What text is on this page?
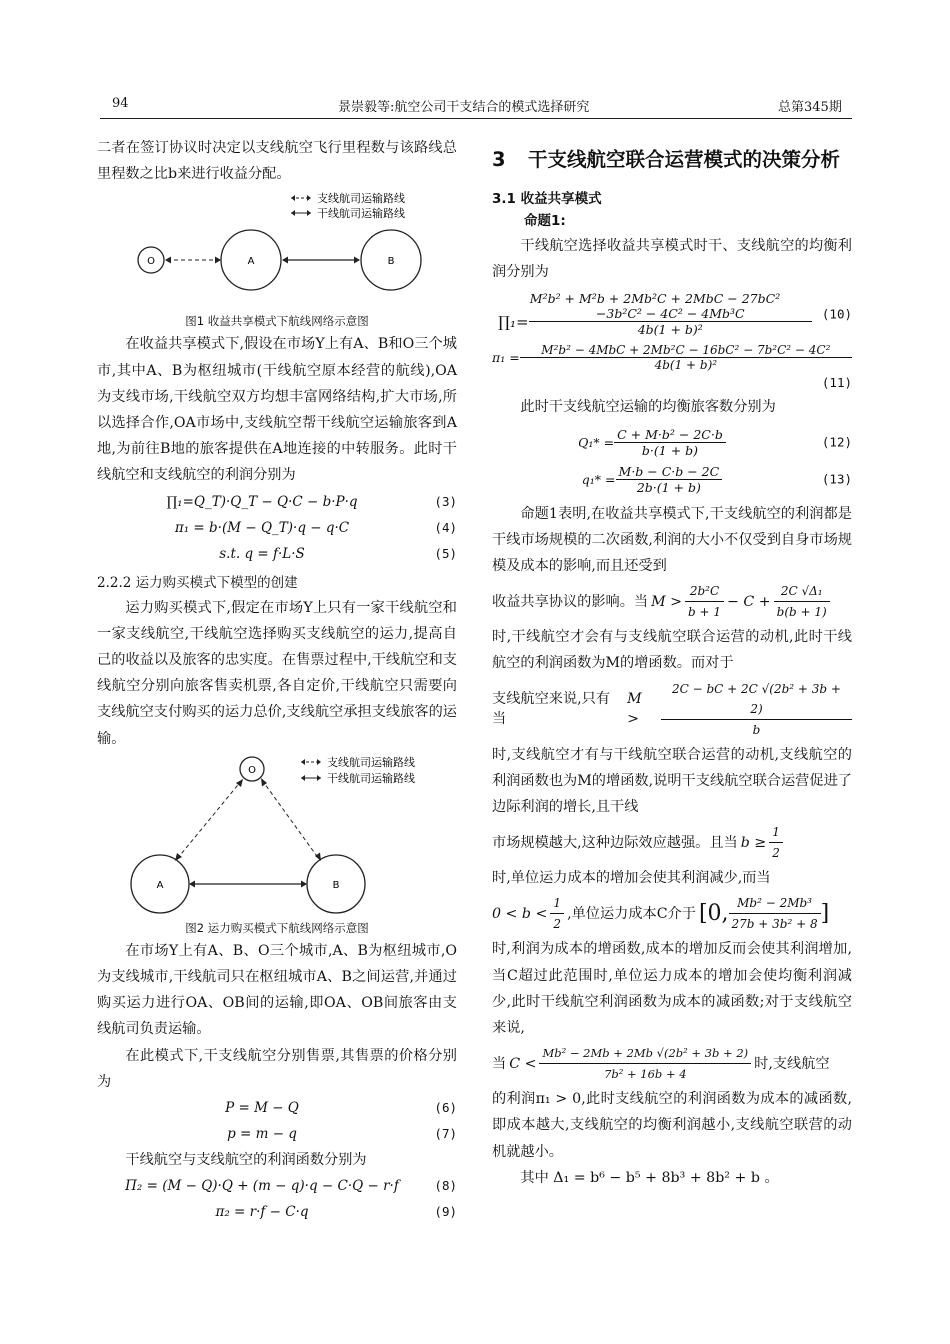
94	景崇毅等:航空公司干支结合的模式选择研究	总第345期

二者在签订协议时决定以支线航空飞行里程数与该路线总里程数之比b来进行收益分配。

支线航司运输路线
干线航司运输路线
O	A	B
图1 收益共享模式下航线网络示意图

在收益共享模式下,假设在市场Y上有A、B和O三个城市,其中A、B为枢纽城市(干线航空原本经营的航线),OA为支线市场,干线航空双方均想丰富网络结构,扩大市场,所以选择合作,OA市场中,支线航空帮干线航空运输旅客到A地,为前往B地的旅客提供在A地连接的中转服务。此时干线航空和支线航空的利润分别为

∏₁=Q_T)·Q_T − Q·C − b·P·q	(3)
π₁ = b·(M − Q_T)·q − q·C	(4)
s.t. q = f·L·S	(5)
2.2.2 运力购买模式下模型的创建

运力购买模式下,假定在市场Y上只有一家干线航空和一家支线航空,干线航空选择购买支线航空的运力,提高自己的收益以及旅客的忠实度。在售票过程中,干线航空和支线航空分别向旅客售卖机票,各自定价,干线航空只需要向支线航空支付购买的运力总价,支线航空承担支线旅客的运输。

支线航司运输路线
干线航司运输路线
O
A	B
图2 运力购买模式下航线网络示意图

在市场Y上有A、B、O三个城市,A、B为枢纽城市,O为支线城市,干线航司只在枢纽城市A、B之间运营,并通过购买运力进行OA、OB间的运输,即OA、OB间旅客由支线航司负责运输。

在此模式下,干支线航空分别售票,其售票的价格分别为

P = M − Q	(6)
p = m − q	(7)

干线航空与支线航空的利润函数分别为

Π₂ = (M − Q)·Q + (m − q)·q − C·Q − r·f	(8)
π₂ = r·f − C·q	(9)
3 干支线航空联合运营模式的决策分析
3.1 收益共享模式
命题1:

干线航空选择收益共享模式时干、支线航空的均衡利润分别为

M²b² + M²b + 2Mb²C + 2MbC − 27bC²
∏₁= $\frac{\text{−3b²C² − 4C² − 4Mb³C}}{\text{4b(1 + b)²}} (10)$
$\pi_1 = \frac{\text{M²b² − 4MbC + 2Mb²C − 16bC² − 7b²C² − 4C²}}{\text{4b(1 + b)²}}$
(11)

此时干支线航空运输的均衡旅客数分别为

$Q_1* = \frac{\text{C + M·b² − 2C·b}}{b\cdot(1 + b)}$	(12)
$q_1* = \frac{M\cdot b - C\cdot b - 2C}{2b\cdot(1 + b)}$	(13)

命题1表明,在收益共享模式下,干支线航空的利润都是干线市场规模的二次函数,利润的大小不仅受到自身市场规模及成本的影响,而且还受到

收益共享协议的影响。当 $M > \frac{\text{2b²C}}{b + 1} - C + \frac{\text{2C √Δ₁}}{b(b + 1)}$

时,干线航空才会有与支线航空联合运营的动机,此时干线航空的利润函数为M的增函数。而对于

支线航空来说,只有当
M >	$\frac{\text{2C − bC + 2C √(2b² + 3b + 2)}}{b}$

时,支线航空才有与干线航空联合运营的动机,支线航空的利润函数也为M的增函数,说明干支线航空联合运营促进了边际利润的增长,且干线

市场规模越大,这种边际效应越强。且当 $b \ge \frac{1}{2}$

时,单位运力成本的增加会使其利润减少,而当

$0 < b < \frac{1}{2}$ ,单位运力成本C介于 [0, $\frac{\text{Mb² − 2Mb³}}{\text{27b + 3b² + 8}}$ ]

时,利润为成本的增函数,成本的增加反而会使其利润增加,当C超过此范围时,单位运力成本的增加会使均衡利润减少,此时干线航空利润函数为成本的减函数;对于支线航空来说,

当 $C < \frac{\text{Mb² − 2Mb + 2Mb √(2b² + 3b + 2)}}{\text{7b² + 16b + 4}}$ 时,支线航空

的利润π₁ > 0,此时支线航空的利润函数为成本的减函数,即成本越大,支线航空的均衡利润越小,支线航空联营的动机就越小。

其中 Δ₁ = b⁶ − b⁵ + 8b³ + 8b² + b 。
